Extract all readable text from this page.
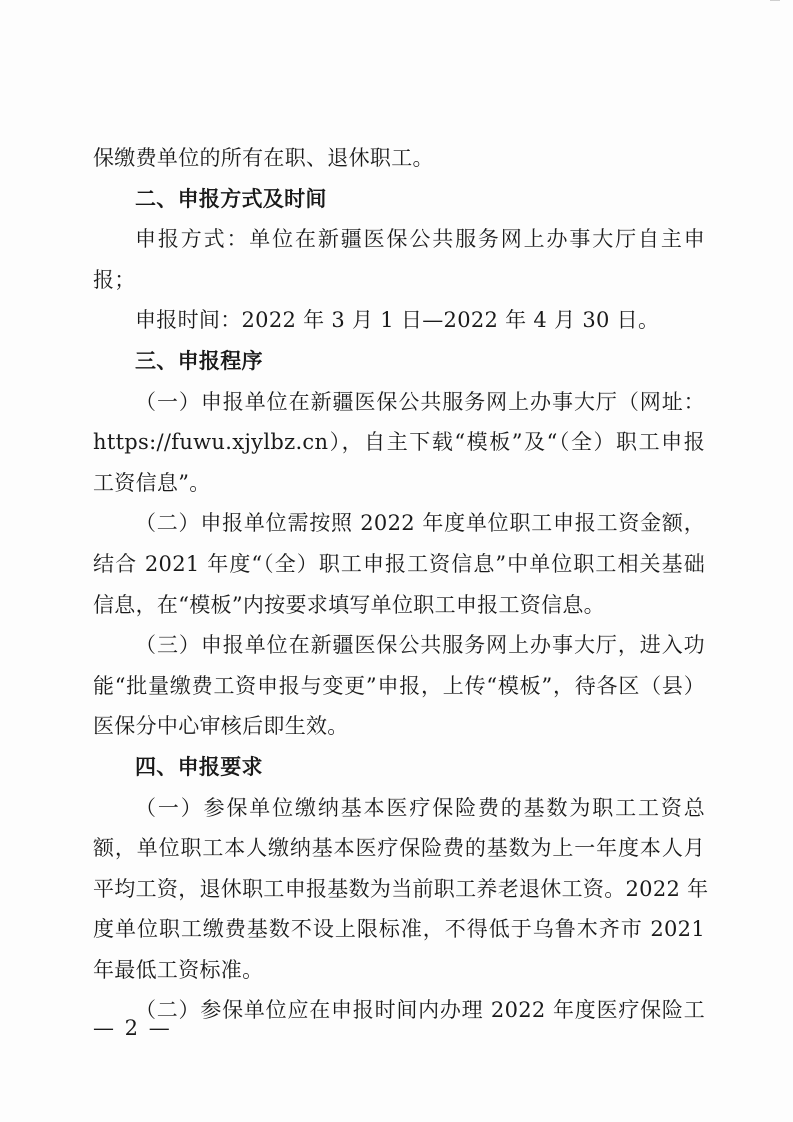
保缴费单位的所有在职、退休职工。
二、申报方式及时间
申报方式：单位在新疆医保公共服务网上办事大厅自主申
报；
申报时间：2022 年 3 月 1 日—2022 年 4 月 30 日。
三、申报程序
（一）申报单位在新疆医保公共服务网上办事大厅（网址：
https://fuwu.xjylbz.cn），自主下载“模板”及“（全）职工申报
工资信息”。
（二）申报单位需按照 2022 年度单位职工申报工资金额，
结合 2021 年度“（全）职工申报工资信息”中单位职工相关基础
信息，在“模板”内按要求填写单位职工申报工资信息。
（三）申报单位在新疆医保公共服务网上办事大厅，进入功
能“批量缴费工资申报与变更”申报，上传“模板”，待各区（县）
医保分中心审核后即生效。
四、申报要求
（一）参保单位缴纳基本医疗保险费的基数为职工工资总
额，单位职工本人缴纳基本医疗保险费的基数为上一年度本人月
平均工资，退休职工申报基数为当前职工养老退休工资。2022 年
度单位职工缴费基数不设上限标准，不得低于乌鲁木齐市 2021
年最低工资标准。
（二）参保单位应在申报时间内办理 2022 年度医疗保险工
— 2 —
